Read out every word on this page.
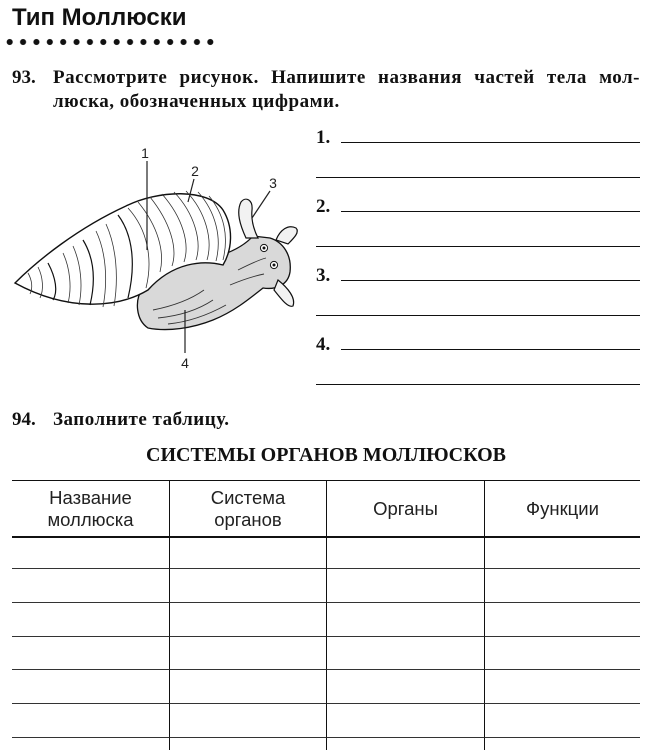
Тип Моллюски
93. Рассмотрите рисунок. Напишите названия частей тела мол-
люска, обозначенных цифрами.
1
2
3
4
1.
2.
3.
4.
94. Заполните таблицу.
СИСТЕМЫ ОРГАНОВ МОЛЛЮСКОВ
Название
моллюска
Система
органов
Органы	Функции
